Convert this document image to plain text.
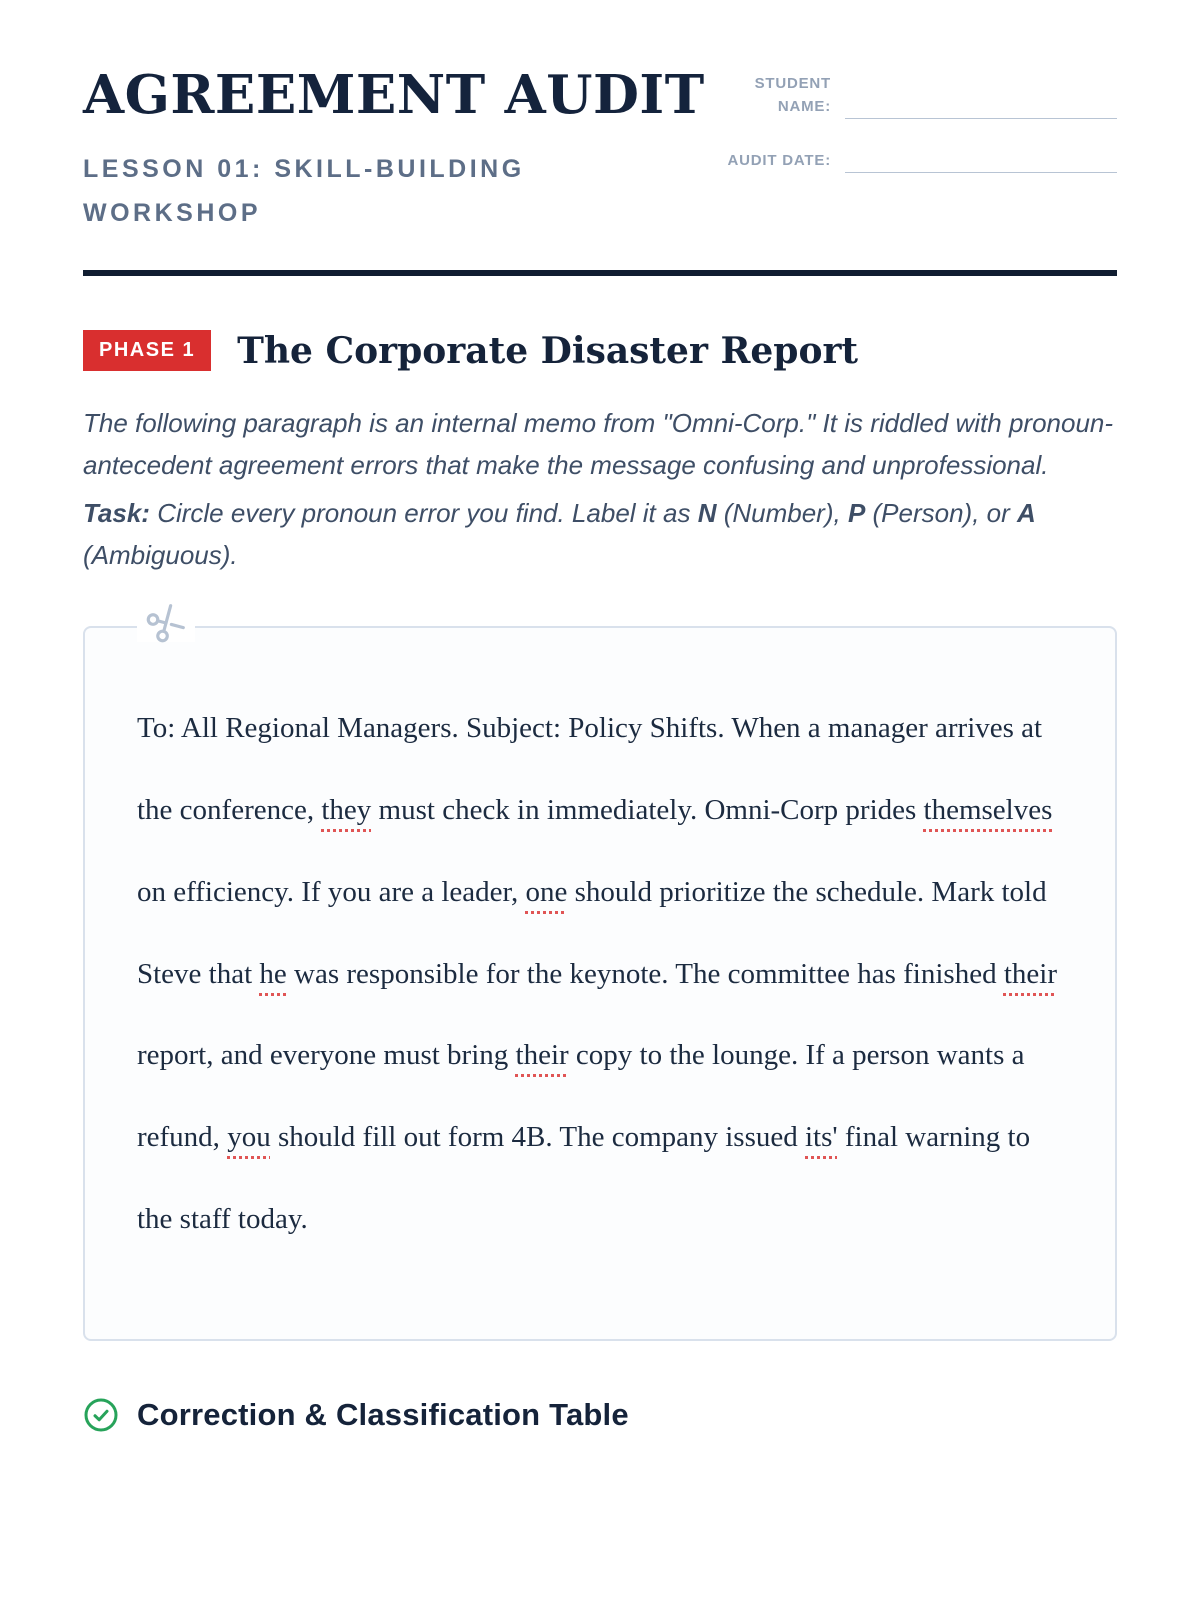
AGREEMENT AUDIT
LESSON 01: SKILL-BUILDING WORKSHOP
STUDENT NAME:
AUDIT DATE:
PHASE 1	The Corporate Disaster Report
The following paragraph is an internal memo from "Omni-Corp." It is riddled with pronoun-antecedent agreement errors that make the message confusing and unprofessional.
Task: Circle every pronoun error you find. Label it as N (Number), P (Person), or A (Ambiguous).
To: All Regional Managers. Subject: Policy Shifts. When a manager arrives at the conference, they must check in immediately. Omni-Corp prides themselves on efficiency. If you are a leader, one should prioritize the schedule. Mark told Steve that he was responsible for the keynote. The committee has finished their report, and everyone must bring their copy to the lounge. If a person wants a refund, you should fill out form 4B. The company issued its' final warning to the staff today.
Correction & Classification Table
